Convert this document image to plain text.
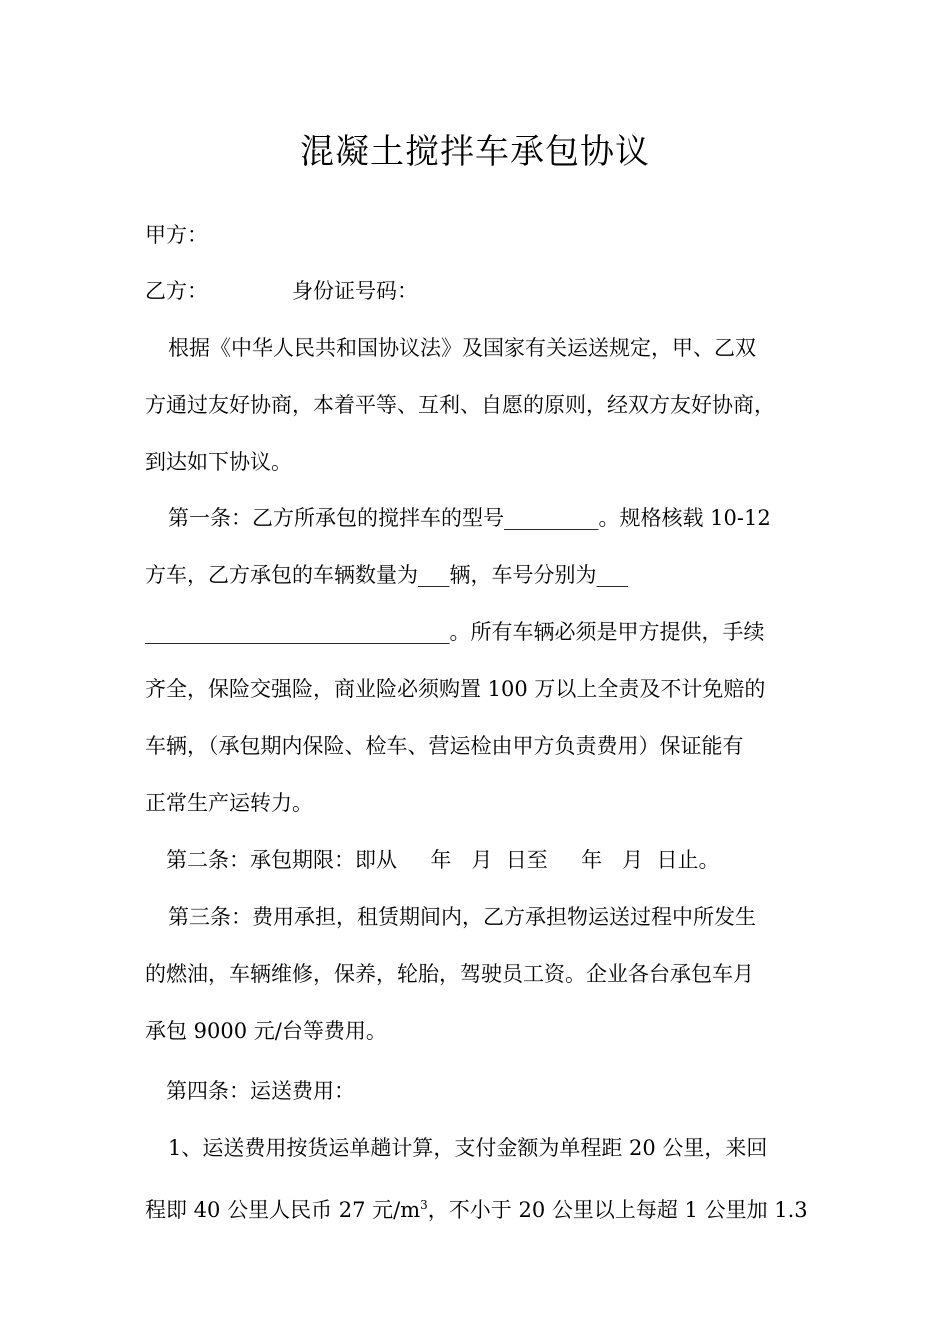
混凝土搅拌车承包协议
甲方：
乙方：	身份证号码：
根据《中华人民共和国协议法》及国家有关运送规定，甲、乙双
方通过友好协商，本着平等、互利、自愿的原则，经双方友好协商，
到达如下协议。
第一条：乙方所承包的搅拌车的型号_________。规格核载 10-12
方车，乙方承包的车辆数量为___辆，车号分别为___
_____________________________。所有车辆必须是甲方提供，手续
齐全，保险交强险，商业险必须购置 100 万以上全责及不计免赔的
车辆，（承包期内保险、检车、营运检由甲方负责费用）保证能有
正常生产运转力。
第二条：承包期限：即从     年   月  日至     年   月  日止。
第三条：费用承担，租赁期间内，乙方承担物运送过程中所发生
的燃油，车辆维修，保养，轮胎，驾驶员工资。企业各台承包车月
承包 9000 元/台等费用。
第四条：运送费用：
1、运送费用按货运单趟计算，支付金额为单程距 20 公里，来回
程即 40 公里人民币 27 元$/m^3$，不小于 20 公里以上每超 1 公里加 1.3
